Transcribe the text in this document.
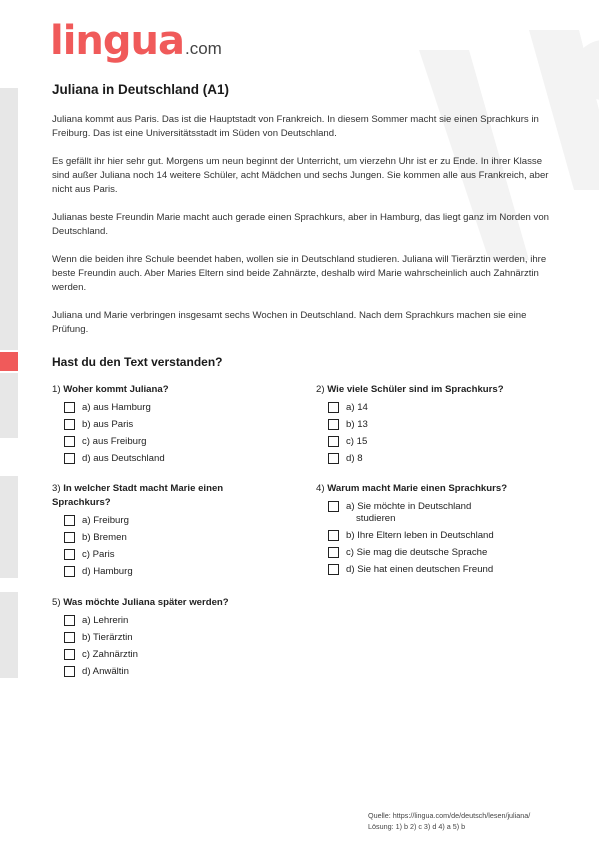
lingua.com
Juliana in Deutschland (A1)

Juliana kommt aus Paris. Das ist die Hauptstadt von Frankreich. In diesem Sommer macht sie einen Sprachkurs in Freiburg. Das ist eine Universitätsstadt im Süden von Deutschland.

Es gefällt ihr hier sehr gut. Morgens um neun beginnt der Unterricht, um vierzehn Uhr ist er zu Ende. In ihrer Klasse sind außer Juliana noch 14 weitere Schüler, acht Mädchen und sechs Jungen. Sie kommen alle aus Frankreich, aber nicht aus Paris.

Julianas beste Freundin Marie macht auch gerade einen Sprachkurs, aber in Hamburg, das liegt ganz im Norden von Deutschland.

Wenn die beiden ihre Schule beendet haben, wollen sie in Deutschland studieren. Juliana will Tierärztin werden, ihre beste Freundin auch. Aber Maries Eltern sind beide Zahnärzte, deshalb wird Marie wahrscheinlich auch Zahnärztin werden.

Juliana und Marie verbringen insgesamt sechs Wochen in Deutschland. Nach dem Sprachkurs machen sie eine Prüfung.

Hast du den Text verstanden?
1) Woher kommt Juliana?
a) aus Hamburg
b) aus Paris
c) aus Freiburg
d) aus Deutschland
2) Wie viele Schüler sind im Sprachkurs?
a) 14
b) 13
c) 15
d) 8
3) In welcher Stadt macht Marie einen Sprachkurs?
a) Freiburg
b) Bremen
c) Paris
d) Hamburg
4) Warum macht Marie einen Sprachkurs?
a) Sie möchte in Deutschland
studieren
b) Ihre Eltern leben in Deutschland
c) Sie mag die deutsche Sprache
d) Sie hat einen deutschen Freund
5) Was möchte Juliana später werden?
a) Lehrerin
b) Tierärztin
c) Zahnärztin
d) Anwältin
Quelle: https://lingua.com/de/deutsch/lesen/juliana/
Lösung: 1) b 2) c 3) d 4) a 5) b
